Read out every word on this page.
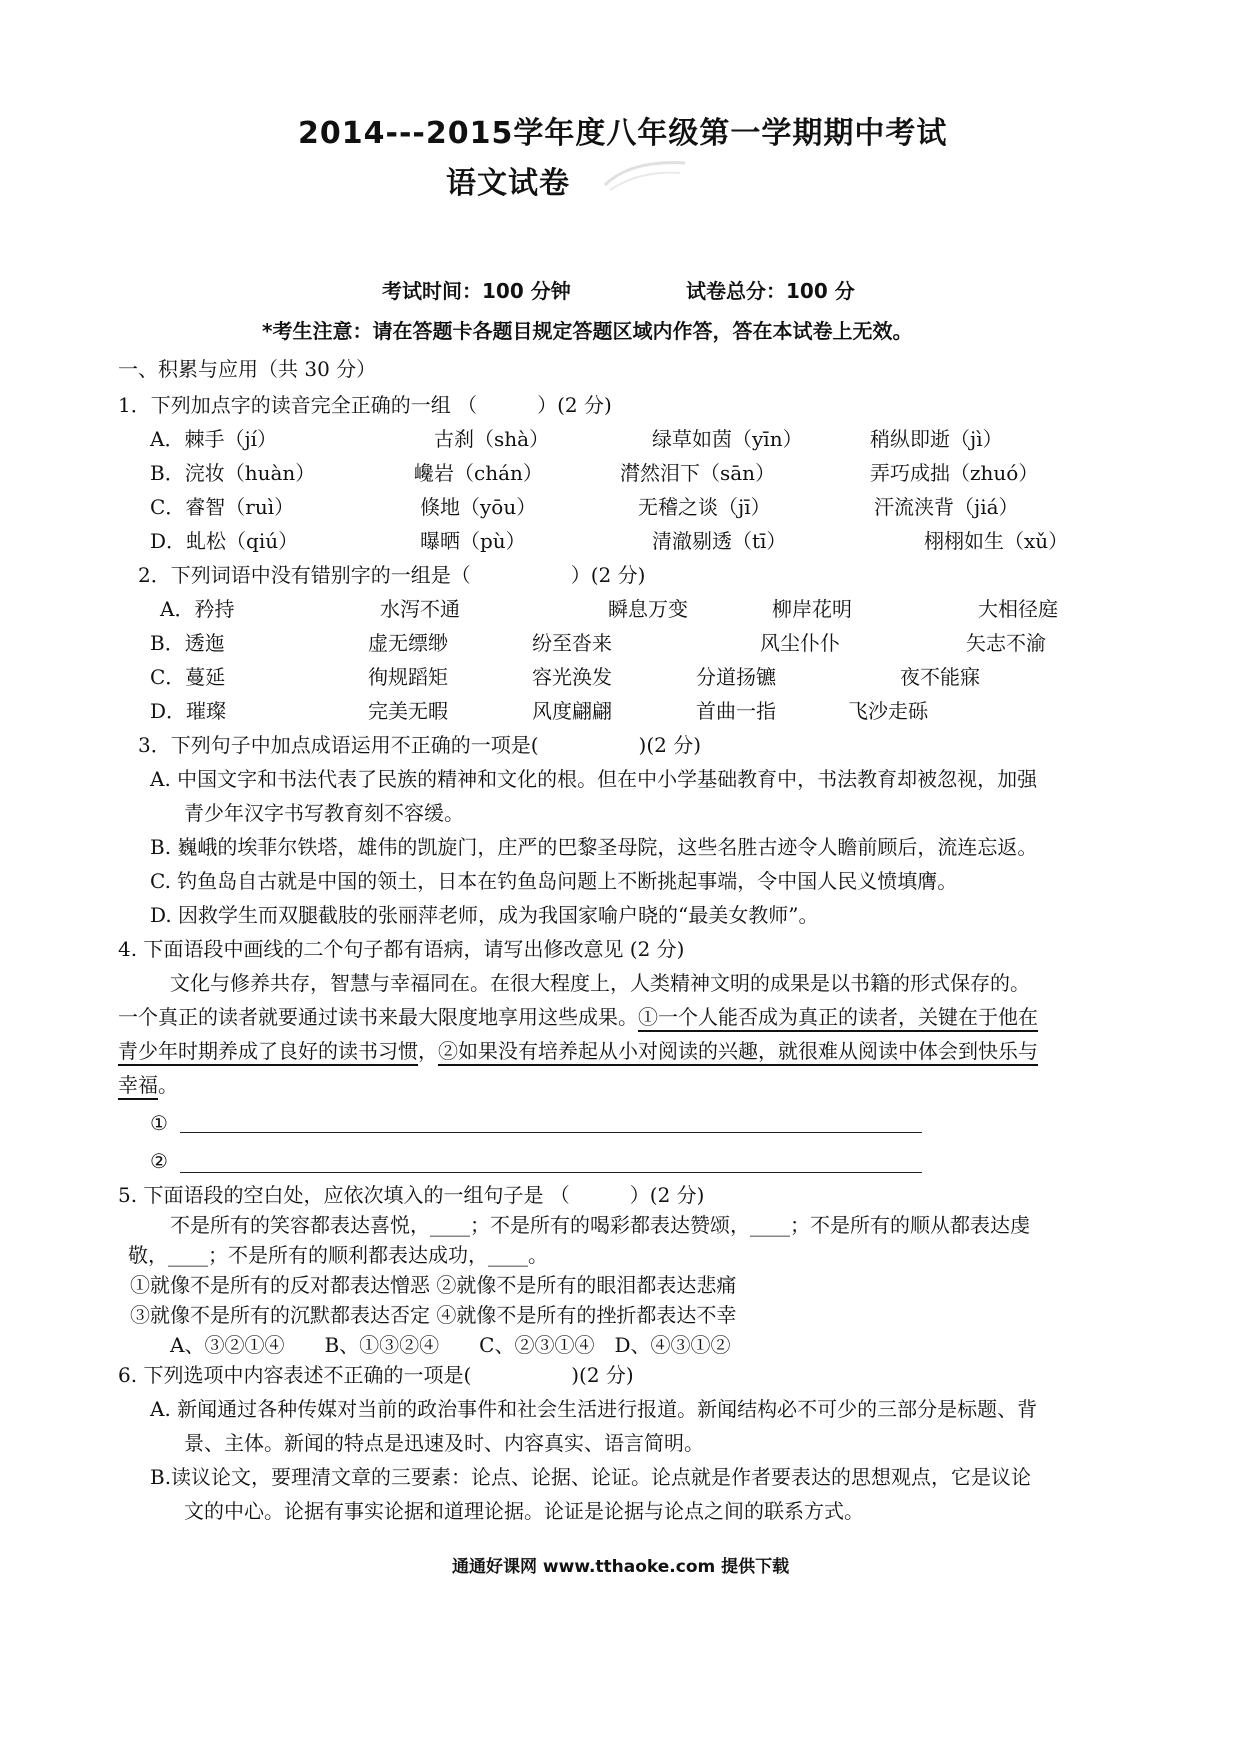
2014---2015学年度八年级第一学期期中考试
语文试卷
考试时间：100 分钟	试卷总分：100 分
*考生注意：请在答题卡各题目规定答题区域内作答，答在本试卷上无效。
一、积累与应用（共 30 分）
1．下列加点字的读音完全正确的一组 （　　　）(2 分)
A．棘手（jí）	古刹（shà）	绿草如茵（yīn）	稍纵即逝（jì）
B．浣妆（huàn）	巉岩（chán）	潸然泪下（sān）	弄巧成拙（zhuó）
C．睿智（ruì）	倏地（yōu）	无稽之谈（jī）	汗流浃背（jiá）
D．虬松（qiú）	曝晒（pù）	清澈剔透（tī）	栩栩如生（xǔ）
2．下列词语中没有错别字的一组是（　　　　　）(2 分)
A．矜持	水泻不通	瞬息万变	柳岸花明	大相径庭
B．透迤	虚无缥缈	纷至沓来	风尘仆仆	矢志不渝
C．蔓延	徇规蹈矩	容光涣发	分道扬镳	夜不能寐
D．璀璨	完美无暇	风度翩翩	首曲一指	飞沙走砾
3．下列句子中加点成语运用不正确的一项是(　　　　　)(2 分)
A. 中国文字和书法代表了民族的精神和文化的根。但在中小学基础教育中，书法教育却被忽视，加强
青少年汉字书写教育刻不容缓。
B. 巍峨的埃菲尔铁塔，雄伟的凯旋门，庄严的巴黎圣母院，这些名胜古迹令人瞻前顾后，流连忘返。
C. 钓鱼岛自古就是中国的领土，日本在钓鱼岛问题上不断挑起事端，令中国人民义愤填膺。
D. 因救学生而双腿截肢的张丽萍老师，成为我国家喻户晓的“最美女教师”。
4. 下面语段中画线的二个句子都有语病，请写出修改意见 (2 分)
文化与修养共存，智慧与幸福同在。在很大程度上，人类精神文明的成果是以书籍的形式保存的。
一个真正的读者就要通过读书来最大限度地享用这些成果。①一个人能否成为真正的读者，关键在于他在
青少年时期养成了良好的读书习惯，②如果没有培养起从小对阅读的兴趣，就很难从阅读中体会到快乐与
幸福。
①
②
5. 下面语段的空白处，应依次填入的一组句子是 （　　　）(2 分)
不是所有的笑容都表达喜悦，____；不是所有的喝彩都表达赞颂，____；不是所有的顺从都表达虔
敬，____；不是所有的顺利都表达成功，____。
①就像不是所有的反对都表达憎恶 ②就像不是所有的眼泪都表达悲痛
③就像不是所有的沉默都表达否定 ④就像不是所有的挫折都表达不幸
A、③②①④　　B、①③②④　　C、②③①④　D、④③①②
6. 下列选项中内容表述不正确的一项是(　　　　　)(2 分)
A. 新闻通过各种传媒对当前的政治事件和社会生活进行报道。新闻结构必不可少的三部分是标题、背
景、主体。新闻的特点是迅速及时、内容真实、语言简明。
B.读议论文，要理清文章的三要素：论点、论据、论证。论点就是作者要表达的思想观点，它是议论
文的中心。论据有事实论据和道理论据。论证是论据与论点之间的联系方式。
通通好课网 www.tthaoke.com 提供下载
